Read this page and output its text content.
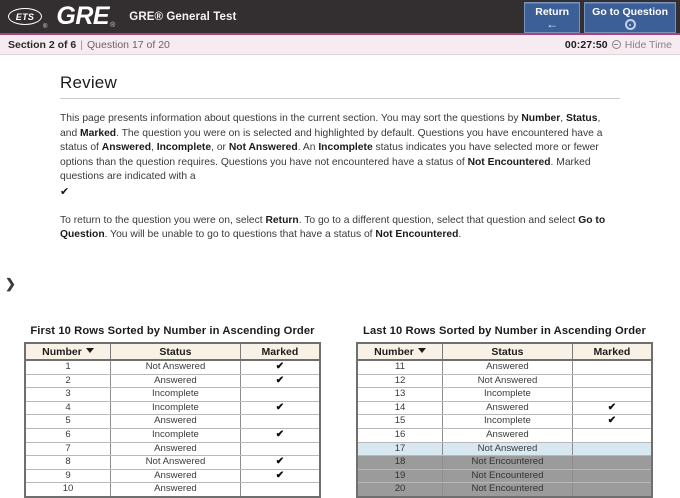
ETS
® GRE ®
GRE® General Test	Return
←
Go to Question
Section 2 of 6 | Question 17 of 20	00:27:50 Hide Time
❯
Review
This page presents information about questions in the current section. You may sort the questions by Number, Status, and Marked. The question you were on is selected and highlighted by default. Questions you have encountered have a status of Answered, Incomplete, or Not Answered. An Incomplete status indicates you have selected more or fewer options than the question requires. Questions you have not encountered have a status of Not Encountered. Marked questions are indicated with a
✔
To return to the question you were on, select Return. To go to a different question, select that question and select Go to Question. You will be unable to go to questions that have a status of Not Encountered.
First 10 Rows Sorted by Number in Ascending Order
Number	Status	Marked
1	Not Answered	✔
2	Answered	✔
3	Incomplete	
4	Incomplete	✔
5	Answered	
6	Incomplete	✔
7	Answered	
8	Not Answered	✔
9	Answered	✔
10	Answered	
Last 10 Rows Sorted by Number in Ascending Order
Number	Status	Marked
11	Answered	
12	Not Answered	
13	Incomplete	
14	Answered	✔
15	Incomplete	✔
16	Answered	
17	Not Answered	
18	Not Encountered	
19	Not Encountered	
20	Not Encountered	
